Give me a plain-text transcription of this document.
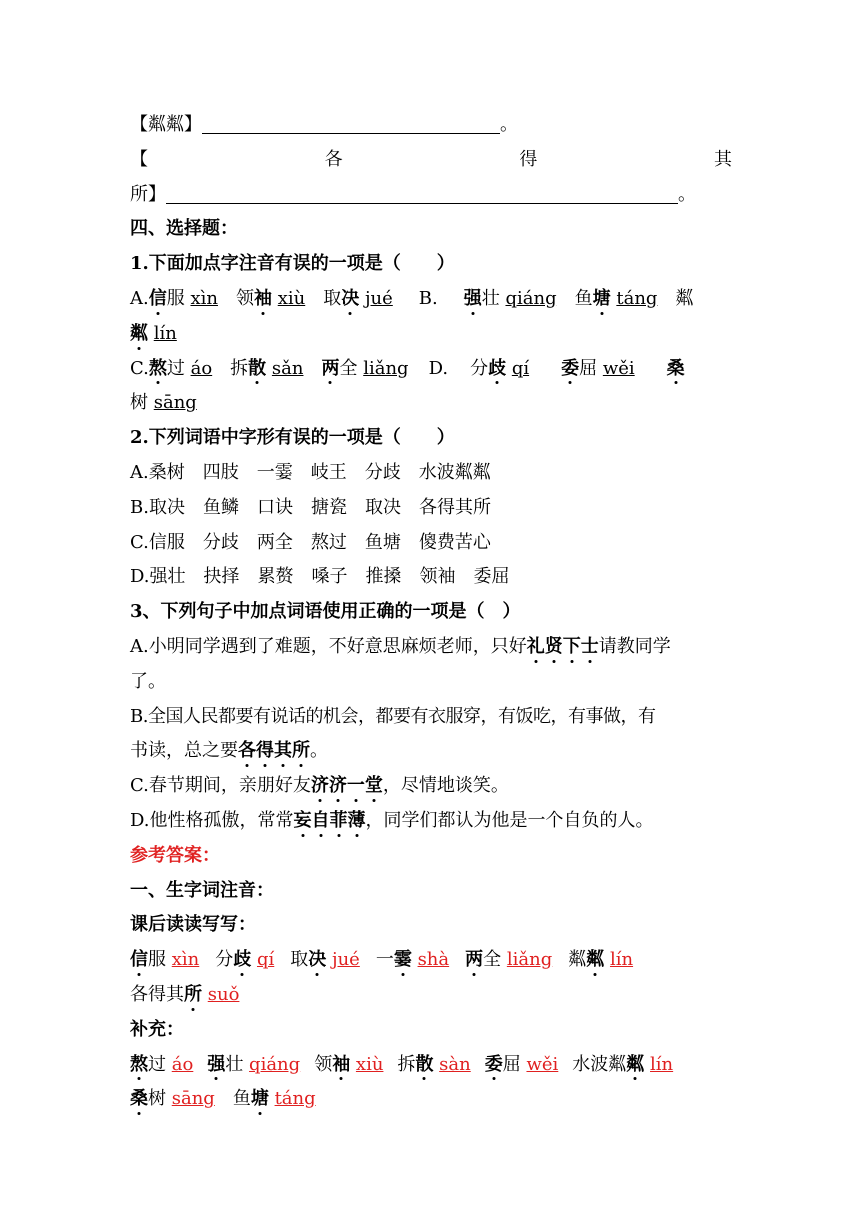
【粼粼】	。
【	各	得	其
所】	。
四、选择题：
1.下面加点字注音有误的一项是（　　）
A.信服 xìn 领袖 xiù 取决 jué B. 强壮 qiáng 鱼塘 táng 粼
粼 lín
C.熬过 áo 拆散 sǎn 两全 liǎng D. 分歧 qí 委屈 wěi 桑
树 sāng
2.下列词语中字形有误的一项是（　　）
A.桑树　四肢　一霎　岐王　分歧　水波粼粼
B.取决　鱼鳞　口诀　搪瓷　取决　各得其所
C.信服　分歧　两全　熬过　鱼塘　傻费苦心
D.强壮　抉择　累赘　嗓子　推搡　领袖　委屈
3、下列句子中加点词语使用正确的一项是（　）
A.小明同学遇到了难题，不好意思麻烦老师，只好礼贤下士请教同学
了。
B.全国人民都要有说话的机会，都要有衣服穿，有饭吃，有事做，有
书读，总之要各得其所。
C.春节期间，亲朋好友济济一堂，尽情地谈笑。
D.他性格孤傲，常常妄自菲薄，同学们都认为他是一个自负的人。
参考答案：
一、生字词注音：
课后读读写写：
信服 xìn 分歧 qí 取决 jué 一霎 shà 两全 liǎng 粼粼 lín
各得其所 suǒ
补充：
熬过 áo 强壮 qiáng 领袖 xiù 拆散 sàn 委屈 wěi 水波粼粼 lín
桑树 sāng 鱼塘 táng
